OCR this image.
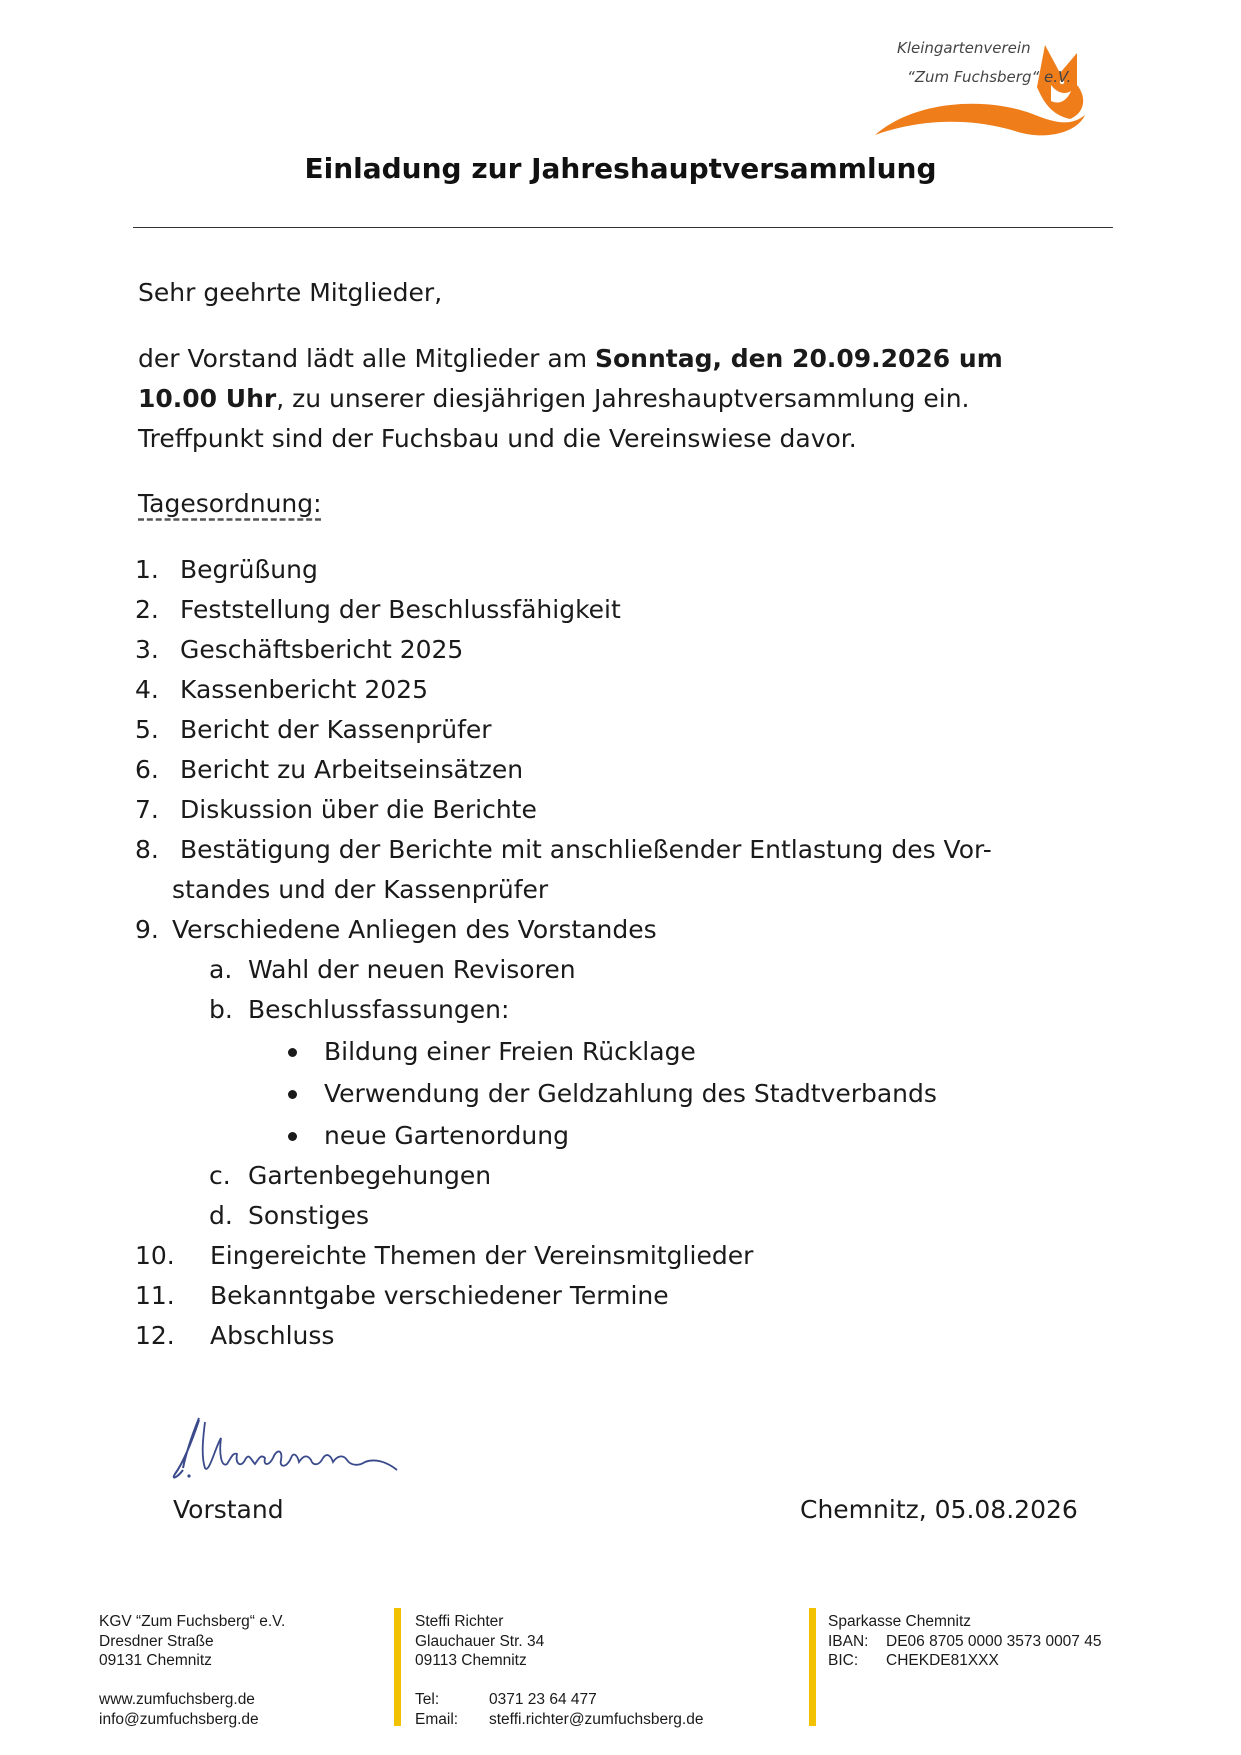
Kleingartenverein
“Zum Fuchsberg“ e.V.
Einladung zur Jahreshauptversammlung
Sehr geehrte Mitglieder,
der Vorstand lädt alle Mitglieder am Sonntag, den 20.09.2026 um
10.00 Uhr, zu unserer diesjährigen Jahreshauptversammlung ein.
Treffpunkt sind der Fuchsbau und die Vereinswiese davor.
Tagesordnung:
1. Begrüßung
2. Feststellung der Beschlussfähigkeit
3. Geschäftsbericht 2025
4. Kassenbericht 2025
5. Bericht der Kassenprüfer
6. Bericht zu Arbeitseinsätzen
7. Diskussion über die Berichte
8. Bestätigung der Berichte mit anschließender Entlastung des Vor-
standes und der Kassenprüfer
9. Verschiedene Anliegen des Vorstandes
a. Wahl der neuen Revisoren
b. Beschlussfassungen:
Bildung einer Freien Rücklage
Verwendung der Geldzahlung des Stadtverbands
neue Gartenordung
c. Gartenbegehungen
d. Sonstiges
10. Eingereichte Themen der Vereinsmitglieder
11. Bekanntgabe verschiedener Termine
12. Abschluss
Vorstand	Chemnitz, 05.08.2026
KGV “Zum Fuchsberg“ e.V.
Dresdner Straße
09131 Chemnitz
www.zumfuchsberg.de
info@zumfuchsberg.de
Steffi Richter
Glauchauer Str. 34
09113 Chemnitz
Tel:	0371 23 64 477
Email: steffi.richter@zumfuchsberg.de
Sparkasse Chemnitz
IBAN: DE06 8705 0000 3573 0007 45
BIC: CHEKDE81XXX
